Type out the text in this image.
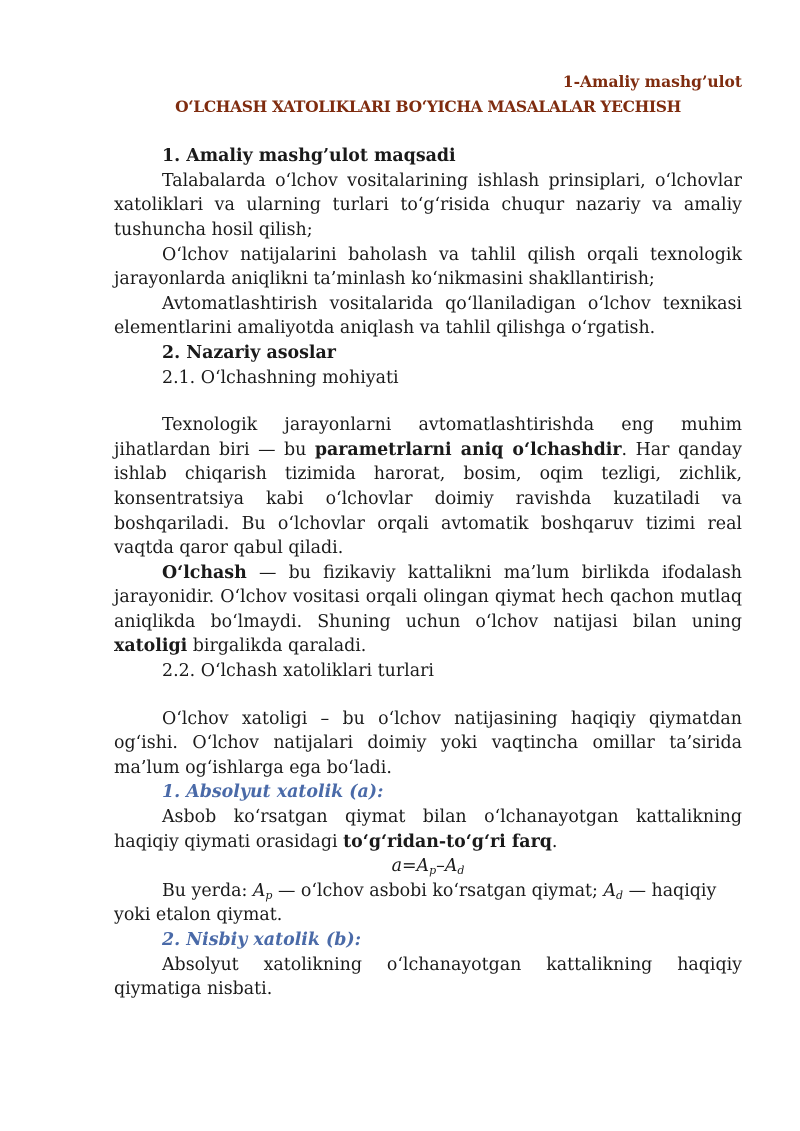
1-Amaliy mashg’ulot

O‘LCHASH XATOLIKLARI BO‘YICHA MASALALAR YECHISH

1. Amaliy mashg’ulot maqsadi

Talabalarda o‘lchov vositalarining ishlash prinsiplari, o‘lchovlar xatoliklari va ularning turlari to‘g‘risida chuqur nazariy va amaliy tushuncha hosil qilish;

O‘lchov natijalarini baholash va tahlil qilish orqali texnologik jarayonlarda aniqlikni ta’minlash ko‘nikmasini shakllantirish;

Avtomatlashtirish vositalarida qo‘llaniladigan o‘lchov texnikasi elementlarini amaliyotda aniqlash va tahlil qilishga o‘rgatish.

2. Nazariy asoslar

2.1. O‘lchashning mohiyati

Texnologik jarayonlarni avtomatlashtirishda eng muhim jihatlardan biri — bu parametrlarni aniq o‘lchashdir. Har qanday ishlab chiqarish tizimida harorat, bosim, oqim tezligi, zichlik, konsentratsiya kabi o‘lchovlar doimiy ravishda kuzatiladi va boshqariladi. Bu o‘lchovlar orqali avtomatik boshqaruv tizimi real vaqtda qaror qabul qiladi.

O‘lchash — bu fizikaviy kattalikni ma’lum birlikda ifodalash jarayonidir. O‘lchov vositasi orqali olingan qiymat hech qachon mutlaq aniqlikda bo‘lmaydi. Shuning uchun o‘lchov natijasi bilan uning xatoligi birgalikda qaraladi.

2.2. O‘lchash xatoliklari turlari

O‘lchov xatoligi – bu o‘lchov natijasining haqiqiy qiymatdan og‘ishi. O‘lchov natijalari doimiy yoki vaqtincha omillar ta’sirida ma’lum og‘ishlarga ega bo‘ladi.

1. Absolyut xatolik (a):

Asbob ko‘rsatgan qiymat bilan o‘lchanayotgan kattalikning haqiqiy qiymati orasidagi to‘g‘ridan-to‘g‘ri farq.

$a=A_p-A_d$

Bu yerda: $A_p$ — o‘lchov asbobi ko‘rsatgan qiymat; $A_d$ — haqiqiy

yoki etalon qiymat.

2. Nisbiy xatolik (b):

Absolyut xatolikning o‘lchanayotgan kattalikning haqiqiy qiymatiga nisbati.
